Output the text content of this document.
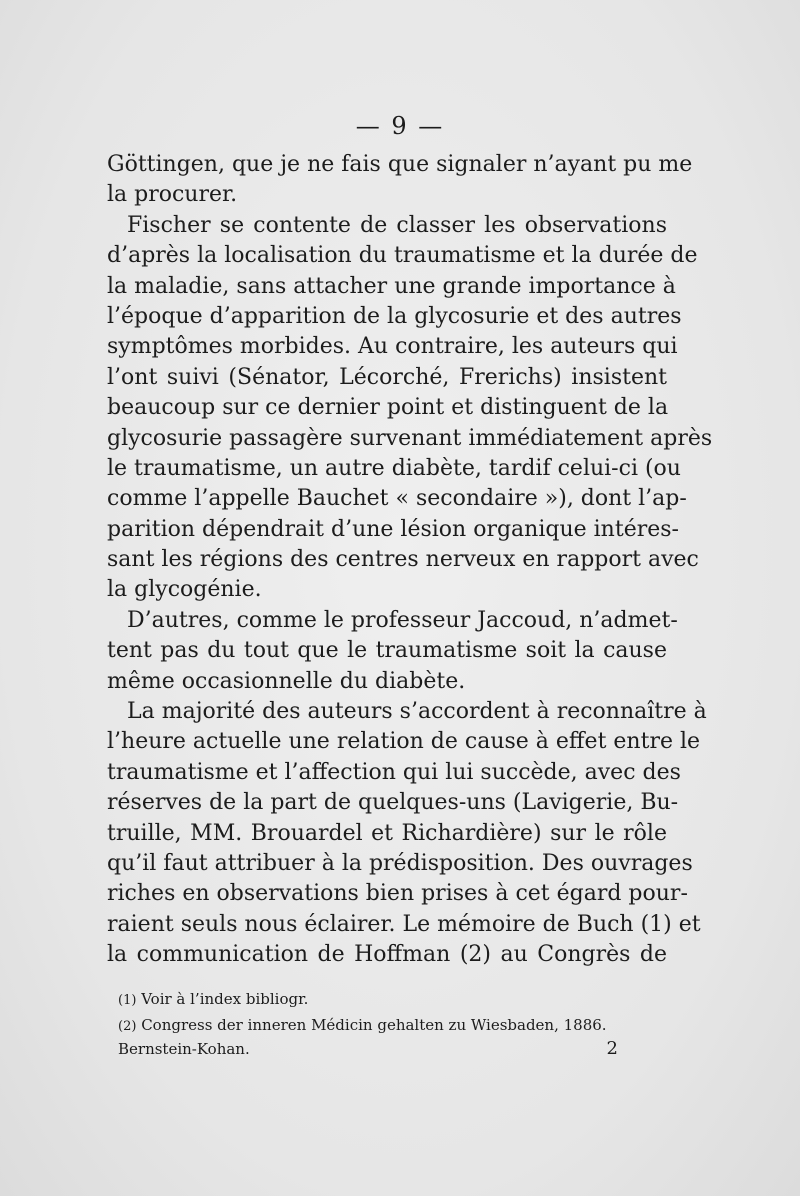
— 9 —
Göttingen, que je ne fais que signaler n’ayant pu me
la procurer.
Fischer se contente de classer les observations
d’après la localisation du traumatisme et la durée de
la maladie, sans attacher une grande importance à
l’époque d’apparition de la glycosurie et des autres
symptômes morbides. Au contraire, les auteurs qui
l’ont suivi (Sénator, Lécorché, Frerichs) insistent
beaucoup sur ce dernier point et distinguent de la
glycosurie passagère survenant immédiatement après
le traumatisme, un autre diabète, tardif celui-ci (ou
comme l’appelle Bauchet « secondaire »), dont l’ap-
parition dépendrait d’une lésion organique intéres-
sant les régions des centres nerveux en rapport avec
la glycogénie.
D’autres, comme le professeur Jaccoud, n’admet-
tent pas du tout que le traumatisme soit la cause
même occasionnelle du diabète.
La majorité des auteurs s’accordent à reconnaître à
l’heure actuelle une relation de cause à effet entre le
traumatisme et l’affection qui lui succède, avec des
réserves de la part de quelques-uns (Lavigerie, Bu-
truille, MM. Brouardel et Richardière) sur le rôle
qu’il faut attribuer à la prédisposition. Des ouvrages
riches en observations bien prises à cet égard pour-
raient seuls nous éclairer. Le mémoire de Buch (1) et
la communication de Hoffman (2) au Congrès de
(1) Voir à l’index bibliogr.
(2) Congress der inneren Médicin gehalten zu Wiesbaden, 1886.
Bernstein-Kohan.	2
